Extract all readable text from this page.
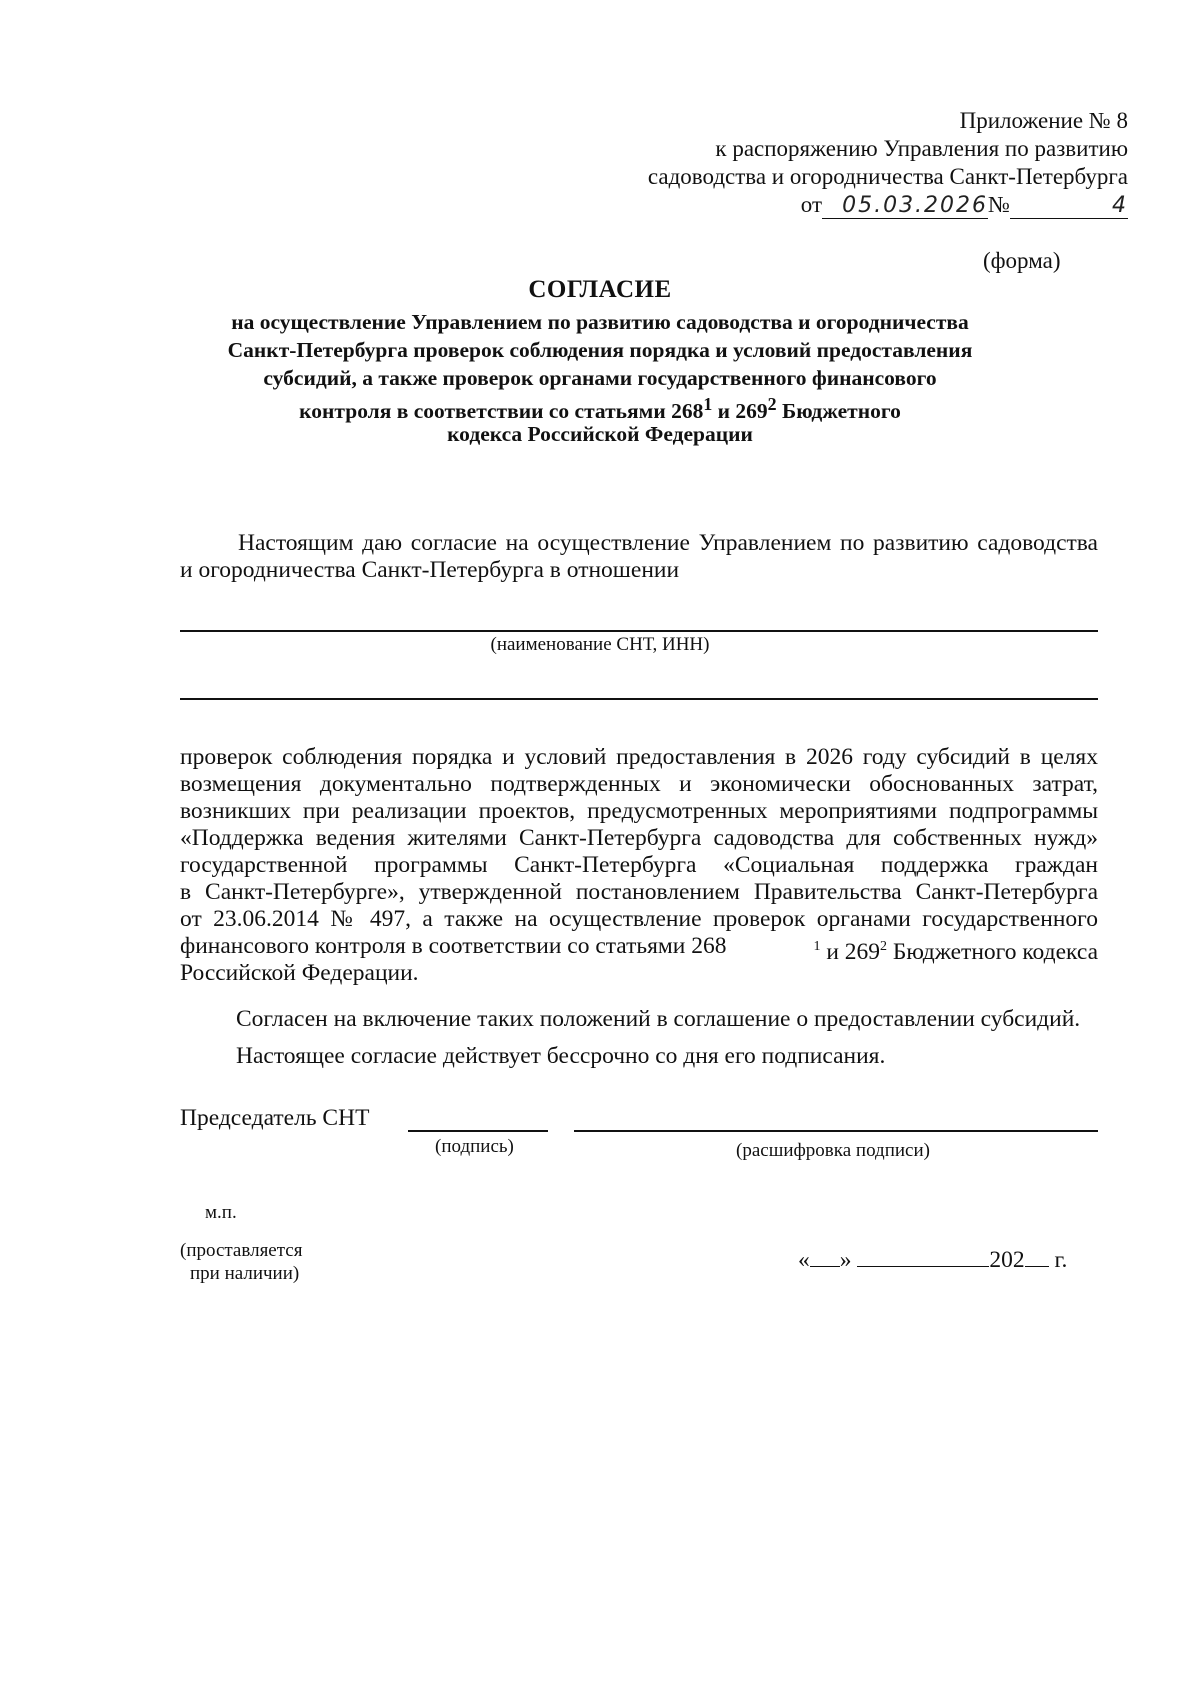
Приложение № 8
к распоряжению Управления по развитию
садоводства и огородничества Санкт-Петербурга
от 05.03.2026№	4
(форма)
СОГЛАСИЕ
на осуществление Управлением по развитию садоводства и огородничества
Санкт-Петербурга проверок соблюдения порядка и условий предоставления
субсидий, а также проверок органами государственного финансового
контроля в соответствии со статьями $268^1$ и $269^2$ Бюджетного
кодекса Российской Федерации
Настоящим даю согласие на осуществление Управлением по развитию садоводства
и огородничества Санкт-Петербурга в отношении
(наименование СНТ, ИНН)
проверок соблюдения порядка и условий предоставления в 2026 году субсидий в целях
возмещения документально подтвержденных и экономически обоснованных затрат,
возникших при реализации проектов, предусмотренных мероприятиями подпрограммы
«Поддержка ведения жителями Санкт-Петербурга садоводства для собственных нужд»
государственной программы Санкт-Петербурга «Социальная поддержка граждан
в Санкт-Петербурге», утвержденной постановлением Правительства Санкт-Петербурга
от 23.06.2014 № 497, а также на осуществление проверок органами государственного
финансового контроля в соответствии со статьями 268	$^1$ и $269^2$ Бюджетного кодекса
Российской Федерации.
Согласен на включение таких положений в соглашение о предоставлении субсидий.
Настоящее согласие действует бессрочно со дня его подписания.
Председатель СНТ
(подпись)	(расшифровка подписи)
м.п.
(проставляется
при наличии)
« »	202 г.
